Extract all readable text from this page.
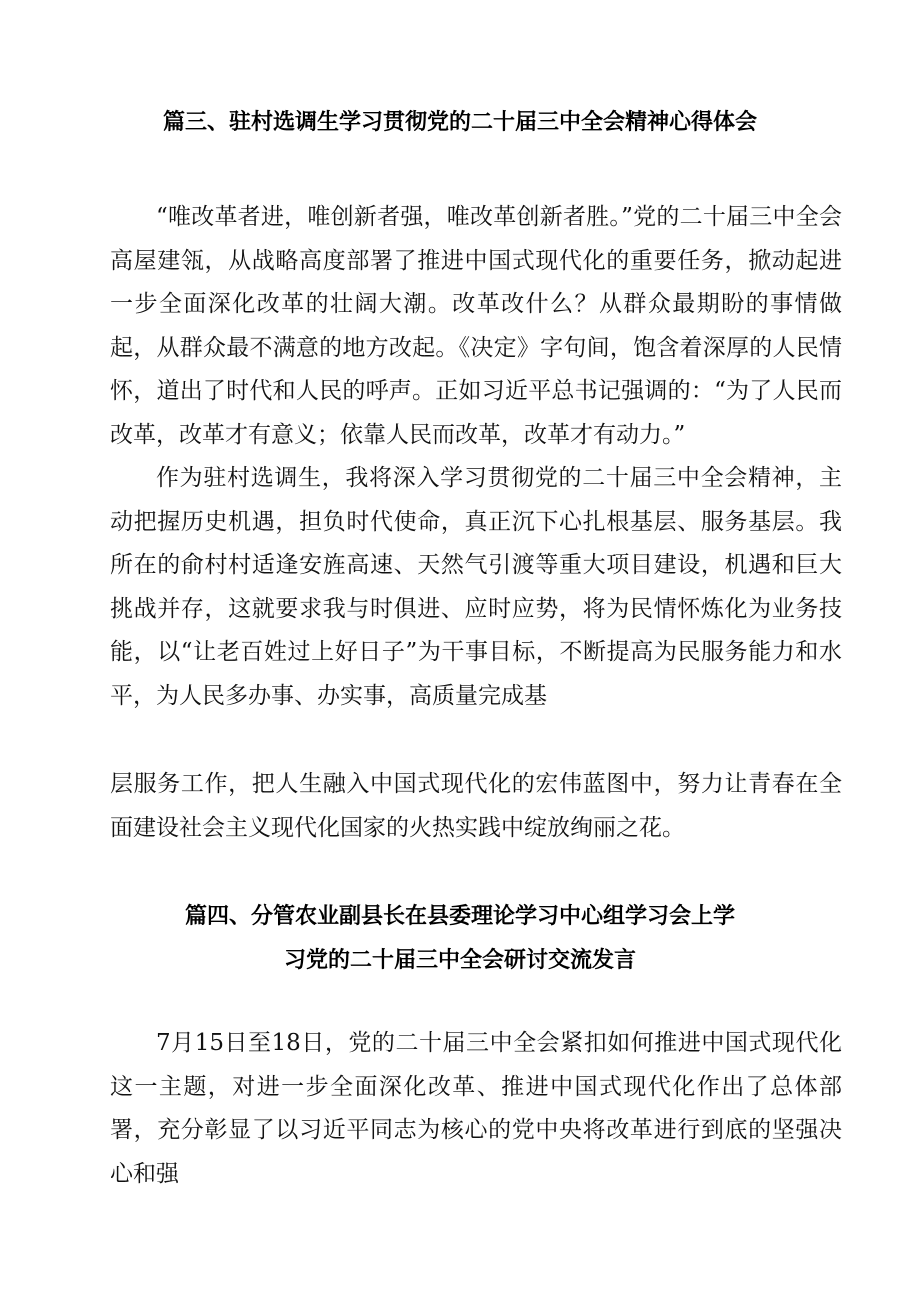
篇三、驻村选调生学习贯彻党的二十届三中全会精神心得体会

“唯改革者进，唯创新者强，唯改革创新者胜。”党的二十届三中全会高屋建瓴，从战略高度部署了推进中国式现代化的重要任务，掀动起进一步全面深化改革的壮阔大潮。改革改什么？从群众最期盼的事情做起，从群众最不满意的地方改起。《决定》字句间，饱含着深厚的人民情怀，道出了时代和人民的呼声。正如习近平总书记强调的：“为了人民而改革，改革才有意义；依靠人民而改革，改革才有动力。”

作为驻村选调生，我将深入学习贯彻党的二十届三中全会精神，主动把握历史机遇，担负时代使命，真正沉下心扎根基层、服务基层。我所在的俞村村适逢安旌高速、天然气引渡等重大项目建设，机遇和巨大挑战并存，这就要求我与时俱进、应时应势，将为民情怀炼化为业务技能，以“让老百姓过上好日子”为干事目标，不断提高为民服务能力和水平，为人民多办事、办实事，高质量完成基

层服务工作，把人生融入中国式现代化的宏伟蓝图中，努力让青春在全面建设社会主义现代化国家的火热实践中绽放绚丽之花。

篇四、分管农业副县长在县委理论学习中心组学习会上学
习党的二十届三中全会研讨交流发言

7月15日至18日，党的二十届三中全会紧扣如何推进中国式现代化这一主题，对进一步全面深化改革、推进中国式现代化作出了总体部署，充分彰显了以习近平同志为核心的党中央将改革进行到底的坚强决心和强
